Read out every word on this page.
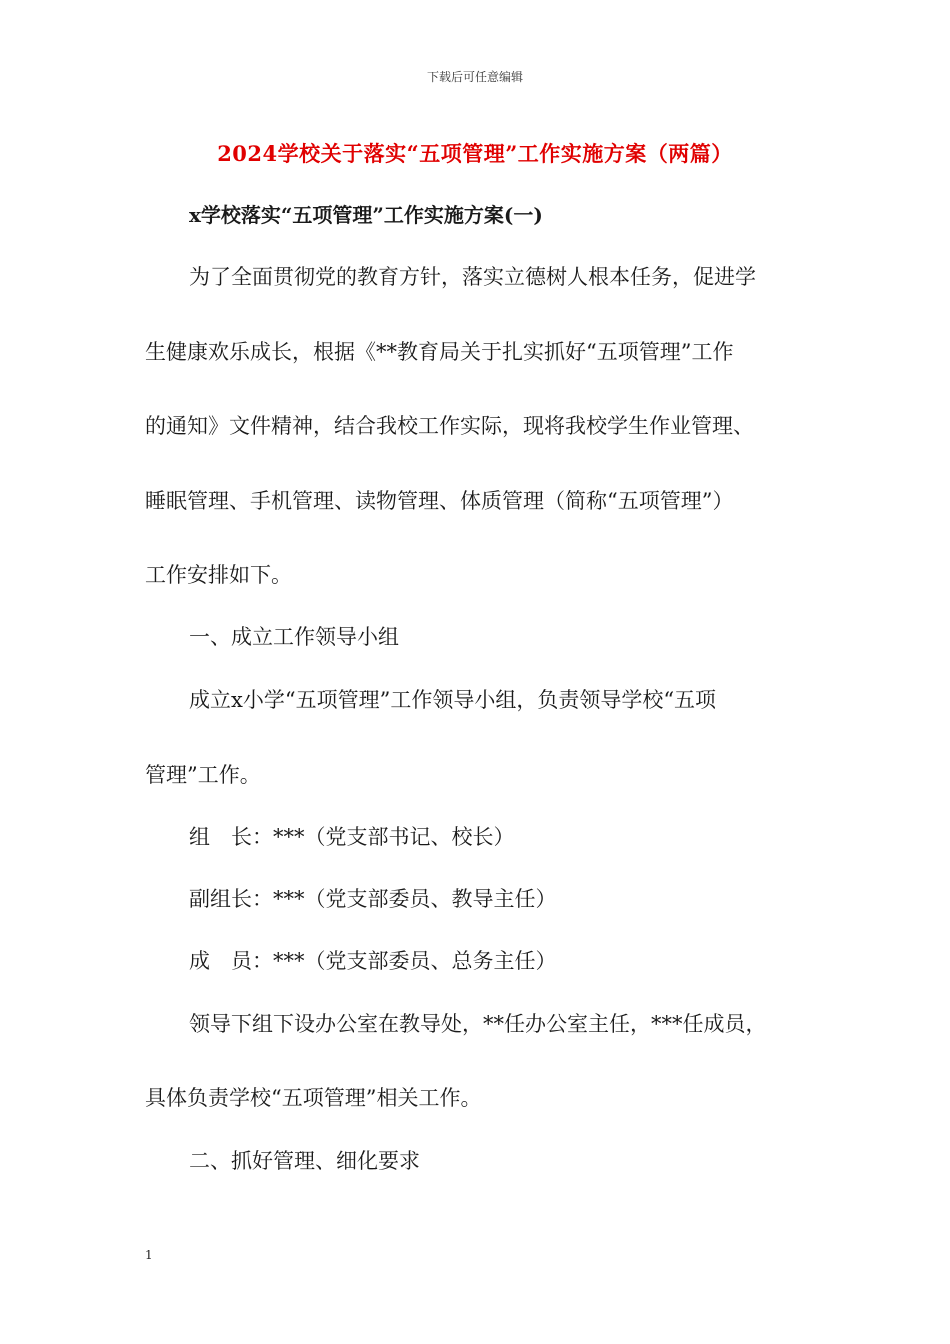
下载后可任意编辑
2024学校关于落实“五项管理”工作实施方案（两篇）
x学校落实“五项管理”工作实施方案(一)
为了全面贯彻党的教育方针，落实立德树人根本任务，促进学
生健康欢乐成长，根据《**教育局关于扎实抓好“五项管理”工作
的通知》文件精神，结合我校工作实际，现将我校学生作业管理、
睡眠管理、手机管理、读物管理、体质管理（简称“五项管理”）
工作安排如下。
一、成立工作领导小组
成立x小学“五项管理”工作领导小组，负责领导学校“五项
管理”工作。
组　长：***（党支部书记、校长）
副组长：***（党支部委员、教导主任）
成　员：***（党支部委员、总务主任）
领导下组下设办公室在教导处，**任办公室主任，***任成员，
具体负责学校“五项管理”相关工作。
二、抓好管理、细化要求
1
